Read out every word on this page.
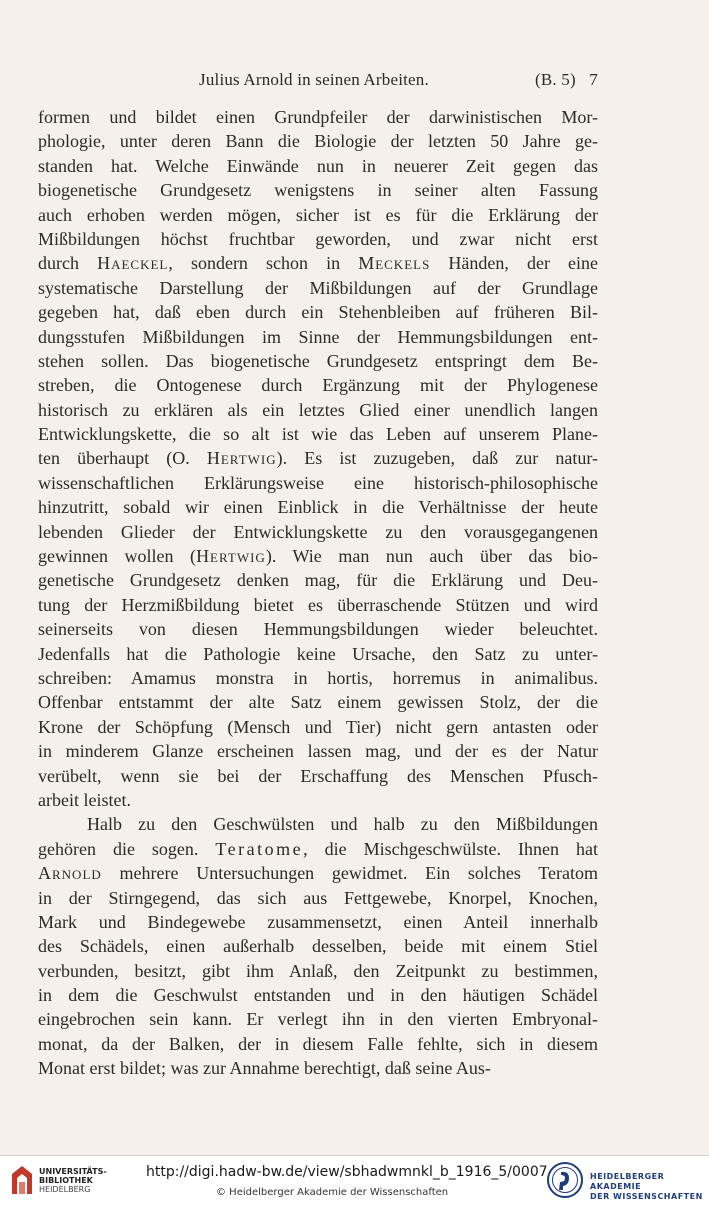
Julius Arnold in seinen Arbeiten.	(B. 5) 7

formen und bildet einen Grundpfeiler der darwinistischen Mor-
phologie, unter deren Bann die Biologie der letzten 50 Jahre ge-
standen hat. Welche Einwände nun in neuerer Zeit gegen das
biogenetische Grundgesetz wenigstens in seiner alten Fassung
auch erhoben werden mögen, sicher ist es für die Erklärung der
Mißbildungen höchst fruchtbar geworden, und zwar nicht erst
durch Haeckel, sondern schon in Meckels Händen, der eine
systematische Darstellung der Mißbildungen auf der Grundlage
gegeben hat, daß eben durch ein Stehenbleiben auf früheren Bil-
dungsstufen Mißbildungen im Sinne der Hemmungsbildungen ent-
stehen sollen. Das biogenetische Grundgesetz entspringt dem Be-
streben, die Ontogenese durch Ergänzung mit der Phylogenese
historisch zu erklären als ein letztes Glied einer unendlich langen
Entwicklungskette, die so alt ist wie das Leben auf unserem Plane-
ten überhaupt (O. Hertwig). Es ist zuzugeben, daß zur natur-
wissenschaftlichen Erklärungsweise eine historisch-philosophische
hinzutritt, sobald wir einen Einblick in die Verhältnisse der heute
lebenden Glieder der Entwicklungskette zu den vorausgegangenen
gewinnen wollen (Hertwig). Wie man nun auch über das bio-
genetische Grundgesetz denken mag, für die Erklärung und Deu-
tung der Herzmißbildung bietet es überraschende Stützen und wird
seinerseits von diesen Hemmungsbildungen wieder beleuchtet.
Jedenfalls hat die Pathologie keine Ursache, den Satz zu unter-
schreiben: Amamus monstra in hortis, horremus in animalibus.
Offenbar entstammt der alte Satz einem gewissen Stolz, der die
Krone der Schöpfung (Mensch und Tier) nicht gern antasten oder
in minderem Glanze erscheinen lassen mag, und der es der Natur
verübelt, wenn sie bei der Erschaffung des Menschen Pfusch-
arbeit leistet.

Halb zu den Geschwülsten und halb zu den Mißbildungen
gehören die sogen. Teratome, die Mischgeschwülste. Ihnen hat
Arnold mehrere Untersuchungen gewidmet. Ein solches Teratom
in der Stirngegend, das sich aus Fettgewebe, Knorpel, Knochen,
Mark und Bindegewebe zusammensetzt, einen Anteil innerhalb
des Schädels, einen außerhalb desselben, beide mit einem Stiel
verbunden, besitzt, gibt ihm Anlaß, den Zeitpunkt zu bestimmen,
in dem die Geschwulst entstanden und in den häutigen Schädel
eingebrochen sein kann. Er verlegt ihn in den vierten Embryonal-
monat, da der Balken, der in diesem Falle fehlte, sich in diesem
Monat erst bildet; was zur Annahme berechtigt, daß seine Aus-

UNIVERSITÄTS-
BIBLIOTHEK
HEIDELBERG
http://digi.hadw-bw.de/view/sbhadwmnkl_b_1916_5/0007
© Heidelberger Akademie der Wissenschaften
HEIDELBERGER AKADEMIE
DER WISSENSCHAFTEN
